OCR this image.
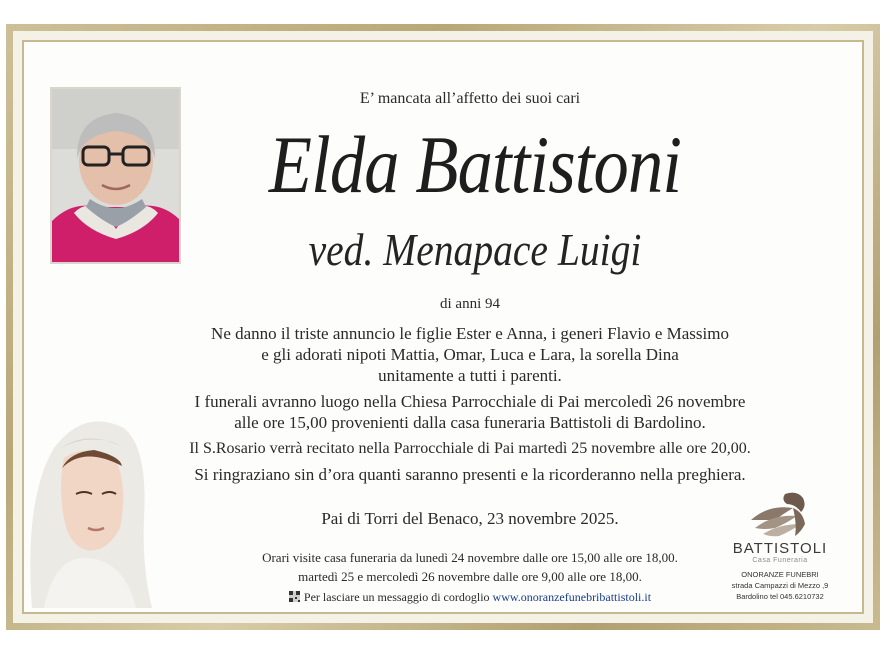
E’ mancata all’affetto dei suoi cari
Elda Battistoni
ved. Menapace Luigi
di anni 94
Ne danno il triste annuncio le figlie Ester e Anna, i generi Flavio e Massimo
e gli adorati nipoti Mattia, Omar, Luca e Lara, la sorella Dina
unitamente a tutti i parenti.
I funerali avranno luogo nella Chiesa Parrocchiale di Pai mercoledì 26 novembre
alle ore 15,00 provenienti dalla casa funeraria Battistoli di Bardolino.
Il S.Rosario verrà recitato nella Parrocchiale di Pai martedì 25 novembre alle ore 20,00.
Si ringraziano sin d’ora quanti saranno presenti e la ricorderanno nella preghiera.
Pai di Torri del Benaco, 23 novembre 2025.
Orari visite casa funeraria da lunedì 24 novembre dalle ore 15,00 alle ore 18,00.
martedì 25 e mercoledì 26 novembre dalle ore 9,00 alle ore 18,00.
Per lasciare un messaggio di cordoglio www.onoranzefunebribattistoli.it
BATTISTOLI
Casa Funeraria
ONORANZE FUNEBRI
strada Campazzi di Mezzo ,9
Bardolino tel 045.6210732
